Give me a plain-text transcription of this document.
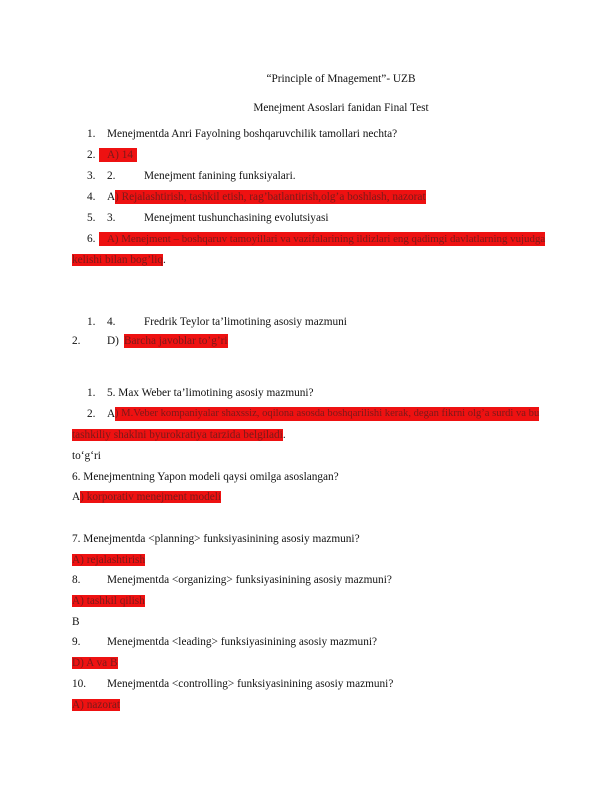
“Principle of Mnagement”- UZB
Menejment Asoslari fanidan Final Test
1. Menejmentda Anri Fayolning boshqaruvchilik tamollari nechta?
2.	A) 14
3. 2.	Menejment fanining funksiyalari.
4. A ) Rejalashtirish, tashkil etish, rag’batlantirish,olg’a boshlash, nazorat
5. 3.	Menejment tushunchasining evolutsiyasi
6.	A) Menejment – boshqaruv tamoyillari va vazifalarining ildizlari eng qadimgi davlatlarning vujudga
kelishi bilan bog’liq.
1. 4.	Fredrik Teylor ta’limotining asosiy mazmuni
2. D) Barcha javoblar to’g’ri
1. 5. Max Weber ta’limotining asosiy mazmuni?
2. A ) M.Veber kompaniyalar shaxssiz, oqilona asosda boshqarilishi kerak, degan fikrni olg’a surdi va bu
tashkiliy shaklni byurokratiya tarzida belgiladi.
to‘g‘ri
6. Menejmentning Yapon modeli qaysi omilga asoslangan?
A) korporativ menejment modeli
7. Menejmentda <planning> funksiyasinining asosiy mazmuni?
A) rejalashtirish
8. Menejmentda <organizing> funksiyasinining asosiy mazmuni?
A) tashkil qilish
B
9. Menejmentda <leading> funksiyasinining asosiy mazmuni?
D) A va B
10. Menejmentda <controlling> funksiyasinining asosiy mazmuni?
A) nazorat
